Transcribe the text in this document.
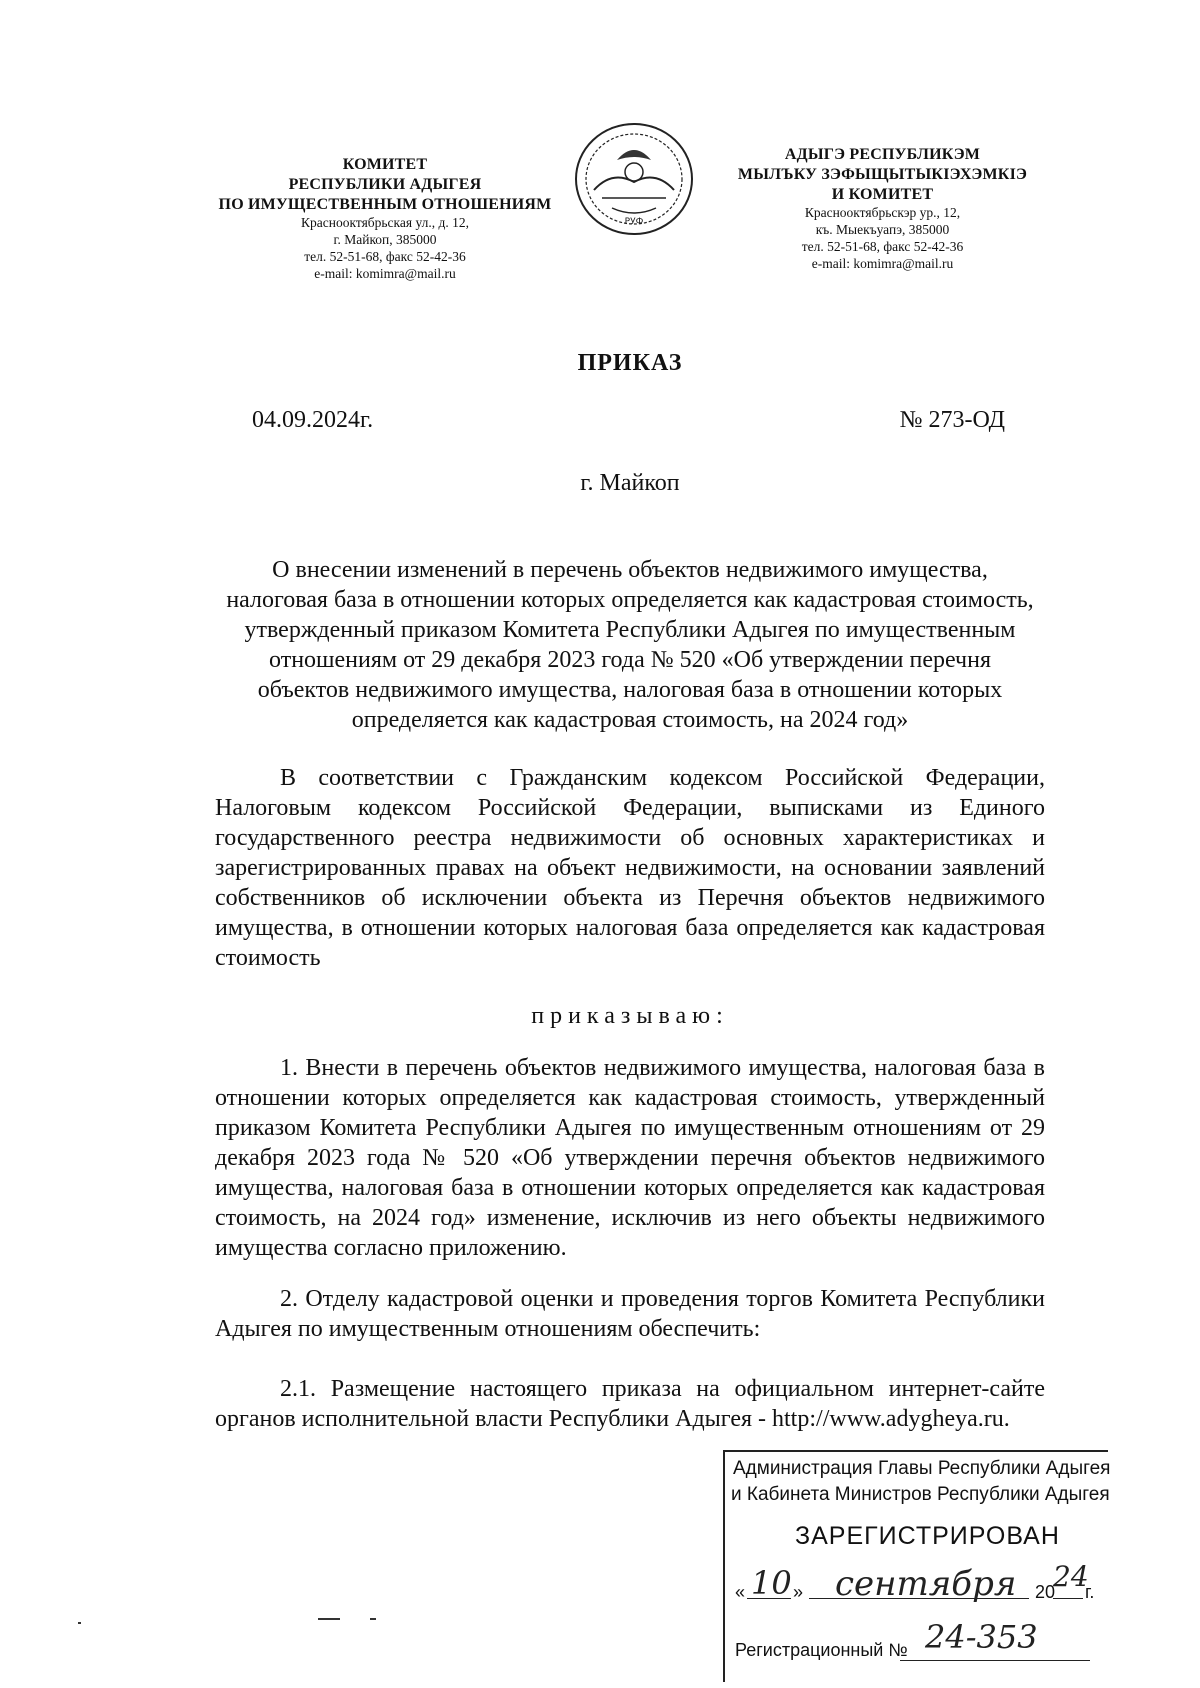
КОМИТЕТ
РЕСПУБЛИКИ АДЫГЕЯ
ПО ИМУЩЕСТВЕННЫМ ОТНОШЕНИЯМ
Краснооктябрьская ул., д. 12,
г. Майкоп, 385000
тел. 52-51-68, факс 52-42-36
e-mail: komimra@mail.ru
РУФ
АДЫГЭ РЕСПУБЛИКЭМ
МЫЛЪКУ ЗЭФЫЩЫТЫКIЭХЭМКIЭ
И КОМИТЕТ
Краснооктябрьскэр ур., 12,
къ. Мыекъуапэ, 385000
тел. 52-51-68, факс 52-42-36
e-mail: komimra@mail.ru
ПРИКАЗ
04.09.2024г.	№ 273-ОД
г. Майкоп
О внесении изменений в перечень объектов недвижимого имущества, налоговая база в отношении которых определяется как кадастровая стоимость, утвержденный приказом Комитета Республики Адыгея по имущественным отношениям от 29 декабря 2023 года № 520 «Об утверждении перечня объектов недвижимого имущества, налоговая база в отношении которых определяется как кадастровая стоимость, на 2024 год»
В соответствии с Гражданским кодексом Российской Федерации, Налоговым кодексом Российской Федерации, выписками из Единого государственного реестра недвижимости об основных характеристиках и зарегистрированных правах на объект недвижимости, на основании заявлений собственников об исключении объекта из Перечня объектов недвижимого имущества, в отношении которых налоговая база определяется как кадастровая стоимость
приказываю:
1. Внести в перечень объектов недвижимого имущества, налоговая база в отношении которых определяется как кадастровая стоимость, утвержденный приказом Комитета Республики Адыгея по имущественным отношениям от 29 декабря 2023 года № 520 «Об утверждении перечня объектов недвижимого имущества, налоговая база в отношении которых определяется как кадастровая стоимость, на 2024 год» изменение, исключив из него объекты недвижимого имущества согласно приложению.
2. Отделу кадастровой оценки и проведения торгов Комитета Республики Адыгея по имущественным отношениям обеспечить:
2.1. Размещение настоящего приказа на официальном интернет-сайте органов исполнительной власти Республики Адыгея - http://www.adygheya.ru.
Администрация Главы Республики Адыгея
и Кабинета Министров Республики Адыгея
ЗАРЕГИСТРИРОВАН
« 10 » сентября 20
24
г.
Регистрационный № 24-353
